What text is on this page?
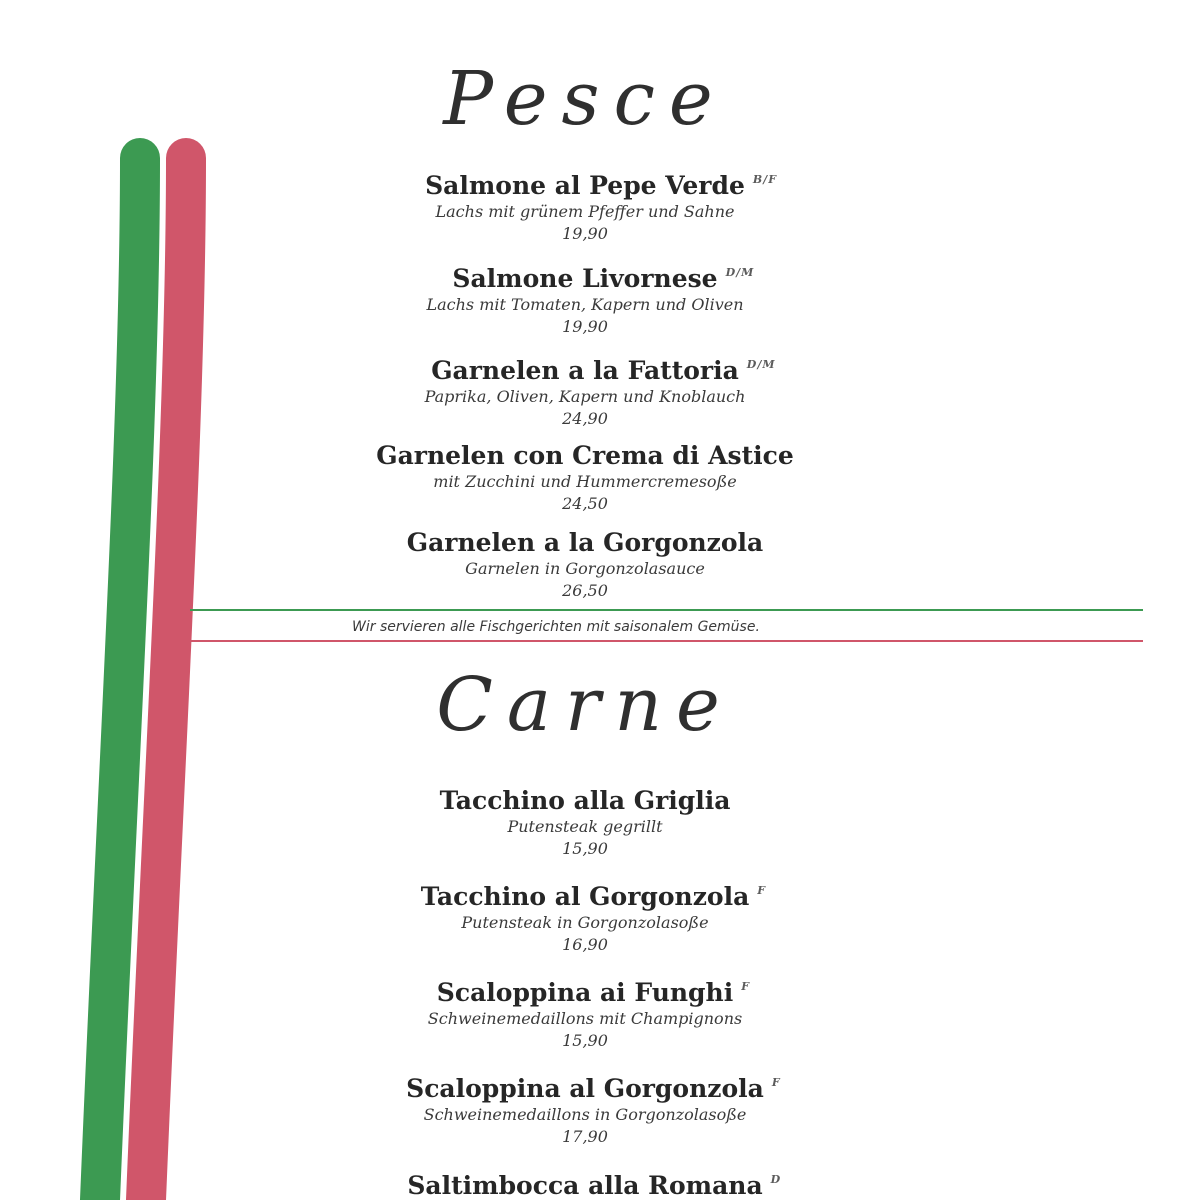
Pesce
Salmone al Pepe Verde B/F
Lachs mit grünem Pfeffer und Sahne
19,90
Salmone Livornese D/M
Lachs mit Tomaten, Kapern und Oliven
19,90
Garnelen a la Fattoria D/M
Paprika, Oliven, Kapern und Knoblauch
24,90
Garnelen con Crema di Astice
mit Zucchini und Hummercremesoße
24,50
Garnelen a la Gorgonzola
Garnelen in Gorgonzolasauce
26,50
Wir servieren alle Fischgerichten mit saisonalem Gemüse.
Carne
Tacchino alla Griglia
Putensteak gegrillt
15,90
Tacchino al Gorgonzola F
Putensteak in Gorgonzolasoße
16,90
Scaloppina ai Funghi F
Schweinemedaillons mit Champignons
15,90
Scaloppina al Gorgonzola F
Schweinemedaillons in Gorgonzolasoße
17,90
Saltimbocca alla Romana D
